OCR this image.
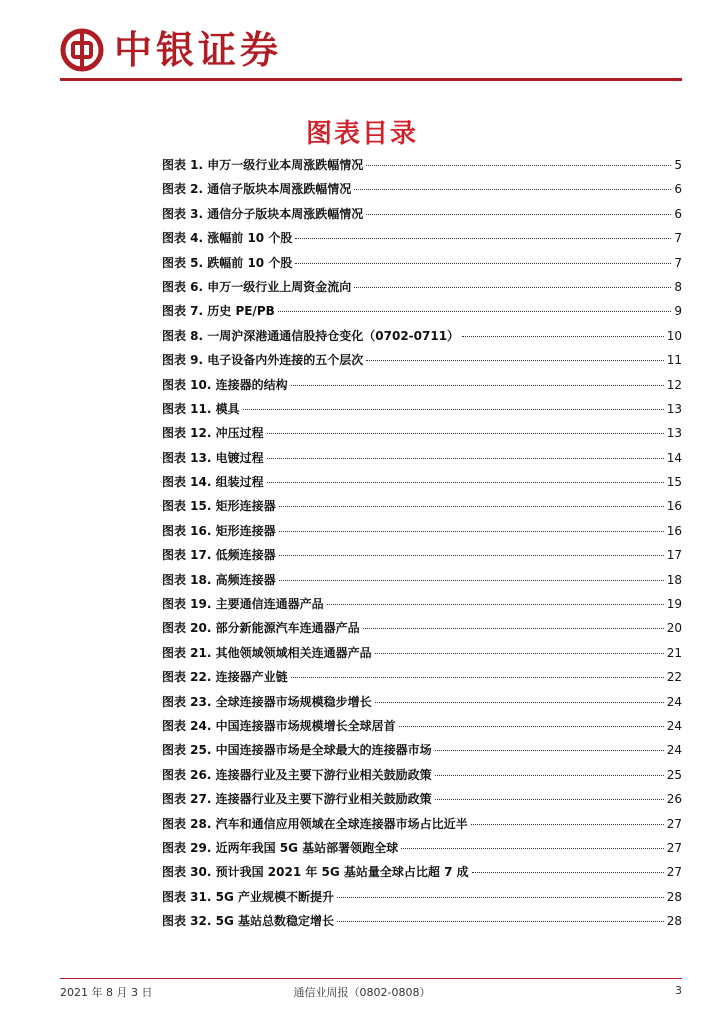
中银证券
图表目录
图表 1. 申万一级行业本周涨跌幅情况	5
图表 2. 通信子版块本周涨跌幅情况	6
图表 3. 通信分子版块本周涨跌幅情况	6
图表 4. 涨幅前 10 个股	7
图表 5. 跌幅前 10 个股	7
图表 6. 申万一级行业上周资金流向	8
图表 7. 历史 PE/PB	9
图表 8. 一周沪深港通通信股持仓变化（0702-0711）	10
图表 9. 电子设备内外连接的五个层次	11
图表 10. 连接器的结构	12
图表 11. 模具	13
图表 12. 冲压过程	13
图表 13. 电镀过程	14
图表 14. 组装过程	15
图表 15. 矩形连接器	16
图表 16. 矩形连接器	16
图表 17. 低频连接器	17
图表 18. 高频连接器	18
图表 19. 主要通信连通器产品	19
图表 20. 部分新能源汽车连通器产品	20
图表 21. 其他领域领域相关连通器产品	21
图表 22. 连接器产业链	22
图表 23. 全球连接器市场规模稳步增长	24
图表 24. 中国连接器市场规模增长全球居首	24
图表 25. 中国连接器市场是全球最大的连接器市场	24
图表 26. 连接器行业及主要下游行业相关鼓励政策	25
图表 27. 连接器行业及主要下游行业相关鼓励政策	26
图表 28. 汽车和通信应用领域在全球连接器市场占比近半	27
图表 29. 近两年我国 5G 基站部署领跑全球	27
图表 30. 预计我国 2021 年 5G 基站量全球占比超 7 成	27
图表 31. 5G 产业规模不断提升	28
图表 32. 5G 基站总数稳定增长	28
2021 年 8 月 3 日	通信业周报（0802-0808）	3
